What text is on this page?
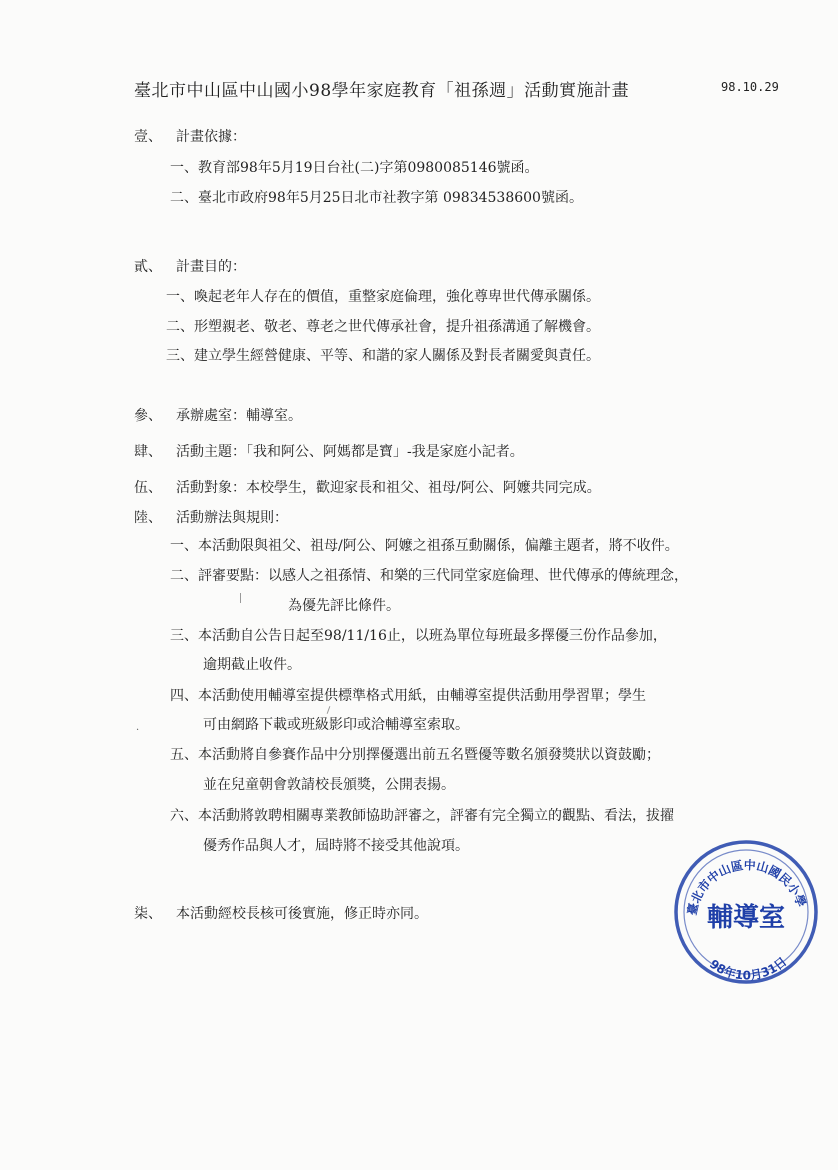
臺北市中山區中山國小98學年家庭教育「祖孫週」活動實施計畫	98.10.29
壹、 計畫依據：
一、教育部98年5月19日台社(二)字第0980085146號函。
二、臺北市政府98年5月25日北市社教字第 09834538600號函。
貳、 計畫目的：
一、喚起老年人存在的價值，重整家庭倫理，強化尊卑世代傳承關係。
二、形塑親老、敬老、尊老之世代傳承社會，提升祖孫溝通了解機會。
三、建立學生經營健康、平等、和諧的家人關係及對長者關愛與責任。
參、 承辦處室：輔導室。
肆、 活動主題：「我和阿公、阿媽都是寶」-我是家庭小記者。
伍、 活動對象：本校學生，歡迎家長和祖父、祖母/阿公、阿嬤共同完成。
陸、 活動辦法與規則：
一、本活動限與祖父、祖母/阿公、阿嬤之祖孫互動關係，偏離主題者，將不收件。
二、評審要點：以感人之祖孫情、和樂的三代同堂家庭倫理、世代傳承的傳統理念，
為優先評比條件。
三、本活動自公告日起至98/11/16止，以班為單位每班最多擇優三份作品參加，
逾期截止收件。
四、本活動使用輔導室提供標準格式用紙，由輔導室提供活動用學習單；學生
可由網路下載或班級影印或洽輔導室索取。
·
五、本活動將自參賽作品中分別擇優選出前五名暨優等數名頒發獎狀以資鼓勵；
並在兒童朝會敦請校長頒獎，公開表揚。
六、本活動將敦聘相關專業教師協助評審之，評審有完全獨立的觀點、看法，拔擢
優秀作品與人才，屆時將不接受其他說項。
柒、 本活動經校長核可後實施，修正時亦同。	臺北市中山區中山國民小學
輔導室
98年10月31日
